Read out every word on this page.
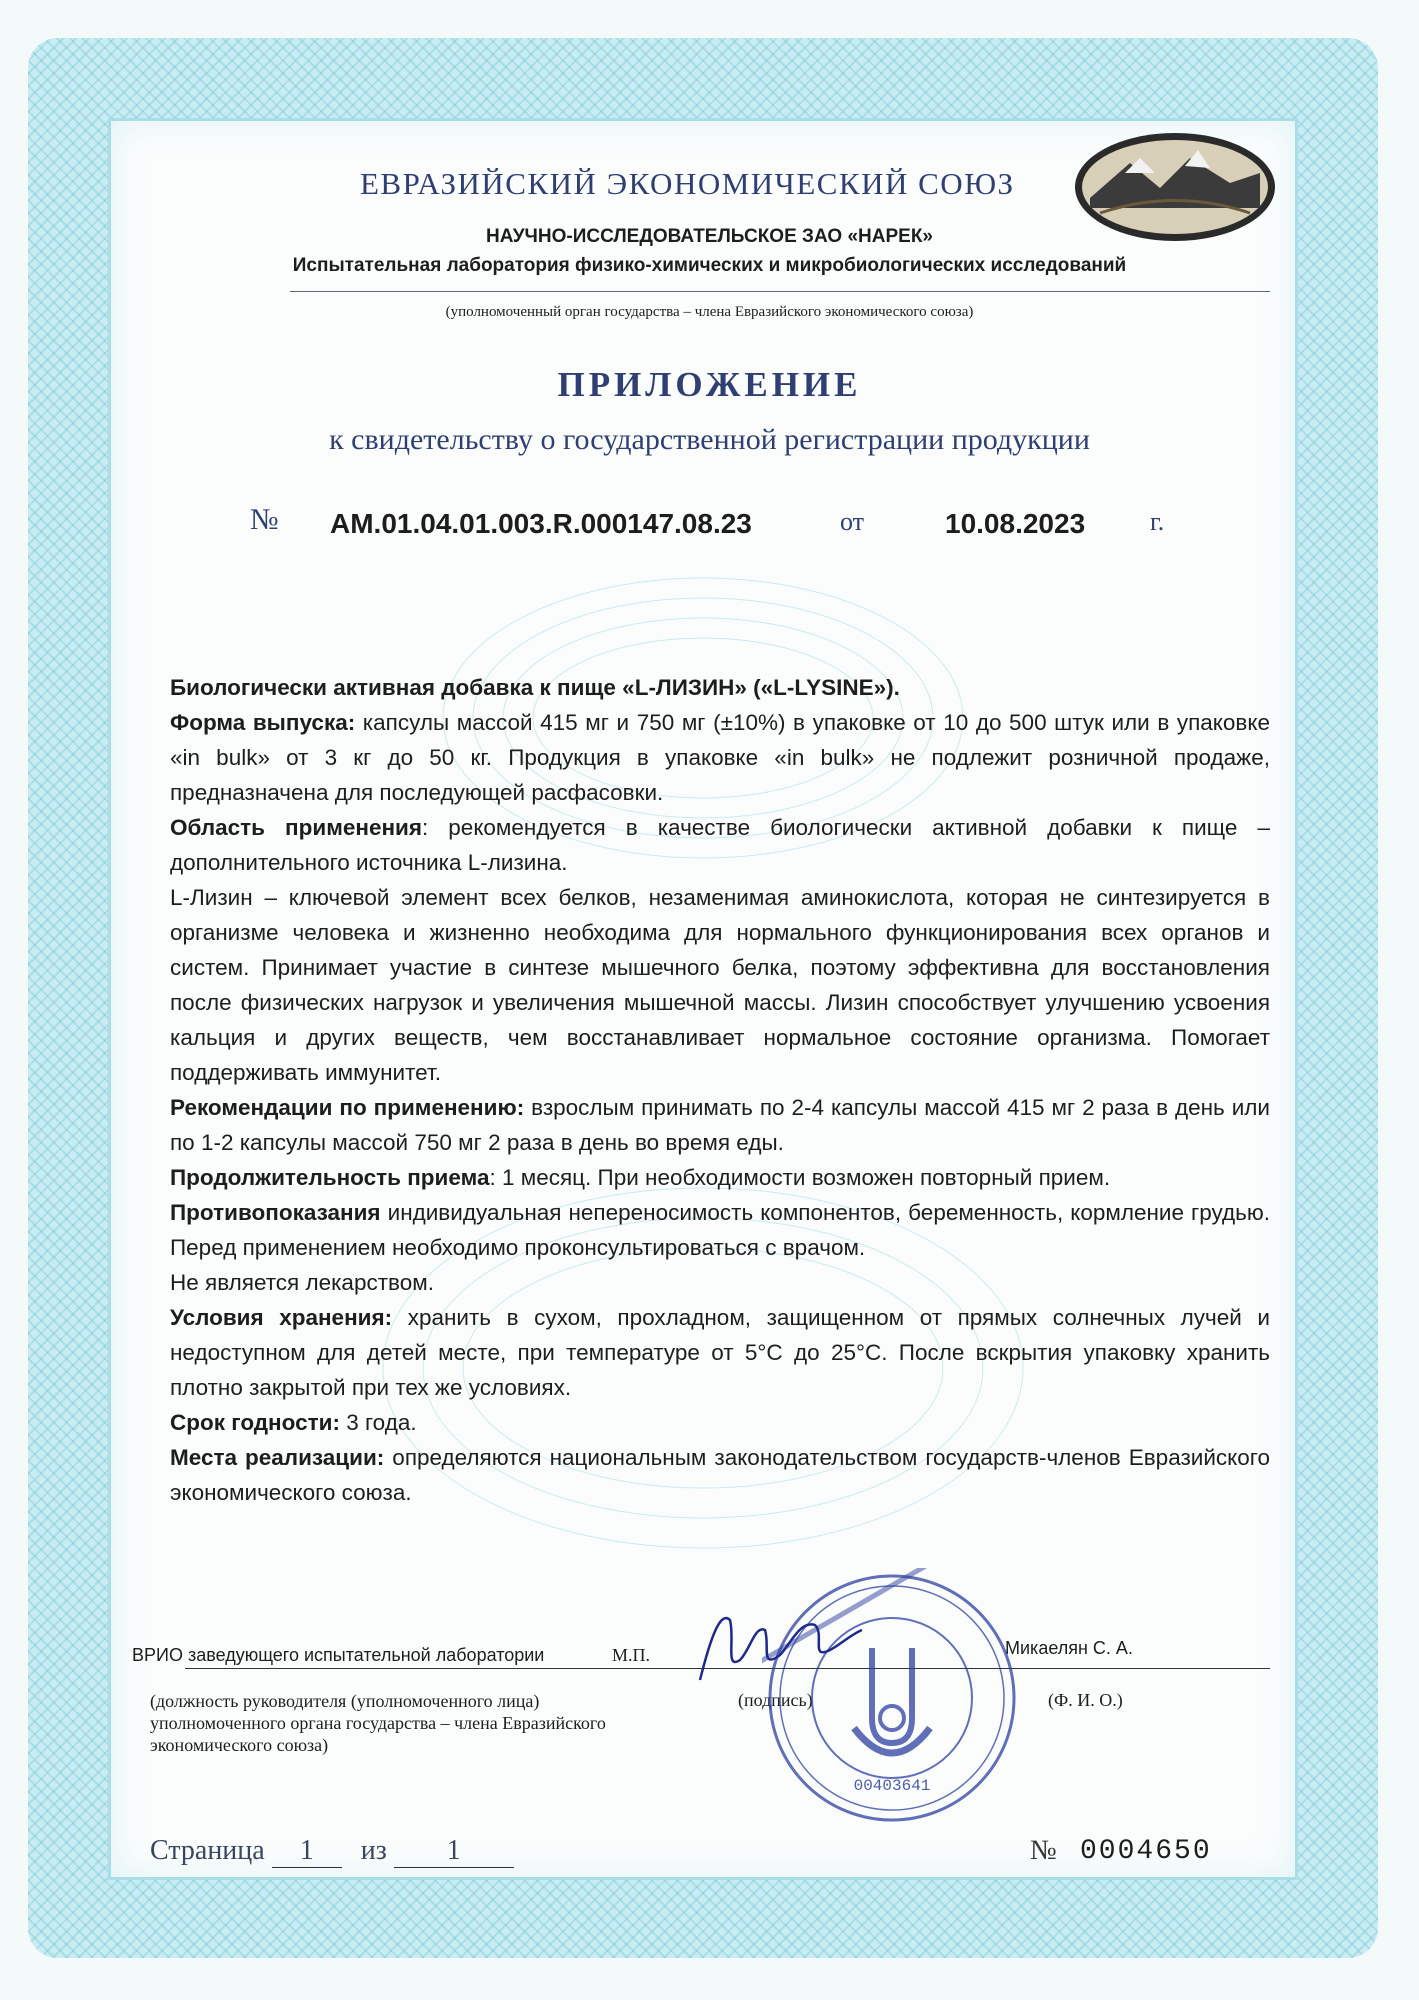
ЕВРАЗИЙСКИЙ ЭКОНОМИЧЕСКИЙ СОЮЗ
НАУЧНО-ИССЛЕДОВАТЕЛЬСКОЕ ЗАО «НАРЕК»
Испытательная лаборатория физико-химических и микробиологических исследований
(уполномоченный орган государства – члена Евразийского экономического союза)
ПРИЛОЖЕНИЕ
к свидетельству о государственной регистрации продукции
№ AM.01.04.01.003.R.000147.08.23	от	10.08.2023 г.

Биологически активная добавка к пище «L-ЛИЗИН» («L-LYSINE»).

Форма выпуска: капсулы массой 415 мг и 750 мг (±10%) в упаковке от 10 до 500 штук или в упаковке «in bulk» от 3 кг до 50 кг. Продукция в упаковке «in bulk» не подлежит розничной продаже, предназначена для последующей расфасовки.

Область применения: рекомендуется в качестве биологически активной добавки к пище – дополнительного источника L-лизина.

L-Лизин – ключевой элемент всех белков, незаменимая аминокислота, которая не синтезируется в организме человека и жизненно необходима для нормального функционирования всех органов и систем. Принимает участие в синтезе мышечного белка, поэтому эффективна для восстановления после физических нагрузок и увеличения мышечной массы. Лизин способствует улучшению усвоения кальция и других веществ, чем восстанавливает нормальное состояние организма. Помогает поддерживать иммунитет.

Рекомендации по применению: взрослым принимать по 2-4 капсулы массой 415 мг 2 раза в день или по 1-2 капсулы массой 750 мг 2 раза в день во время еды.

Продолжительность приема: 1 месяц. При необходимости возможен повторный прием.

Противопоказания индивидуальная непереносимость компонентов, беременность, кормление грудью. Перед применением необходимо проконсультироваться с врачом.

Не является лекарством.

Условия хранения: хранить в сухом, прохладном, защищенном от прямых солнечных лучей и недоступном для детей месте, при температуре от 5°С до 25°С. После вскрытия упаковку хранить плотно закрытой при тех же условиях.

Срок годности: 3 года.

Места реализации: определяются национальным законодательством государств-членов Евразийского экономического союза.

ВРИО заведующего испытательной лаборатории	М.П.	Микаелян С. А.
(должность руководителя (уполномоченного лица) уполномоченного органа государства – члена Евразийского экономического союза)
(подпись)	(Ф. И. О.)
00403641
Страница 1 из 1	№ 0004650
